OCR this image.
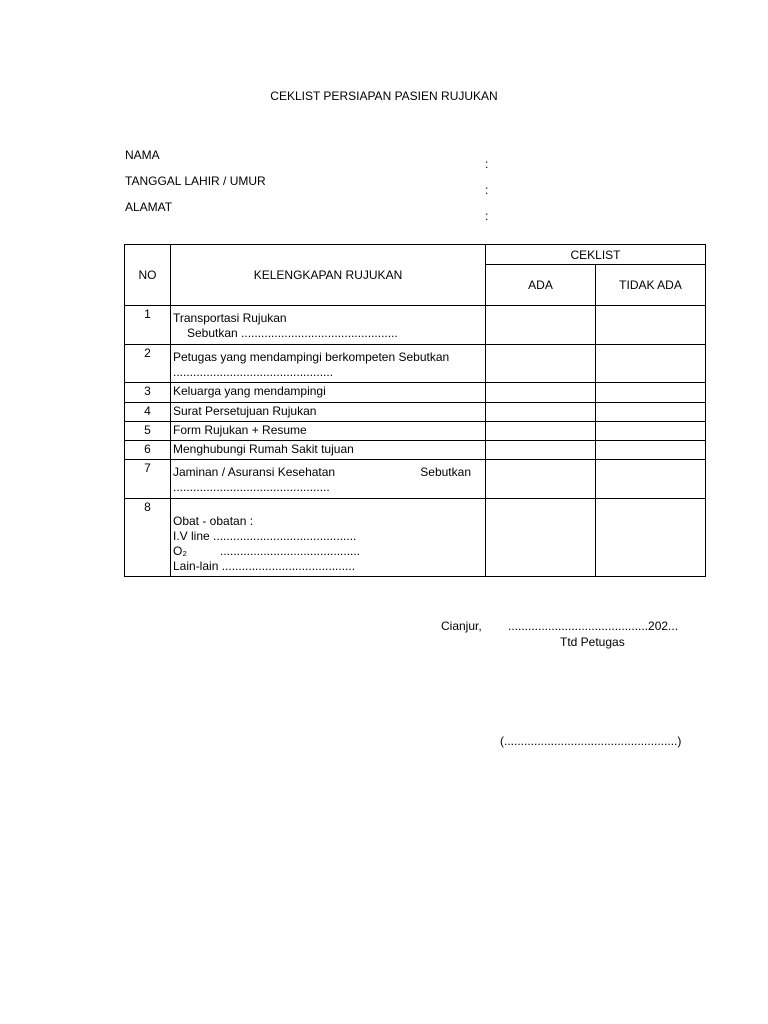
CEKLIST PERSIAPAN PASIEN RUJUKAN
NAMA
:
TANGGAL LAHIR / UMUR
:
ALAMAT
:
NO	KELENGKAPAN RUJUKAN	CEKLIST	
		ADA	TIDAK ADA
1	Transportasi Rujukan
Sebutkan ...............................................		

2	Petugas yang mendampingi berkompeten Sebutkan
................................................		

3	Keluarga yang mendampingi		

4	Surat Persetujuan Rujukan		

5	Form Rujukan + Resume		

6	Menghubungi Rumah Sakit tujuan		

7	Jaminan / Asuransi Kesehatan Sebutkan
...............................................		

8	Obat - obatan :
I.V line ...........................................
O₂ ..........................................
Lain-lain ........................................		

Cianjur, ..........................................202...
Ttd Petugas
(....................................................)
